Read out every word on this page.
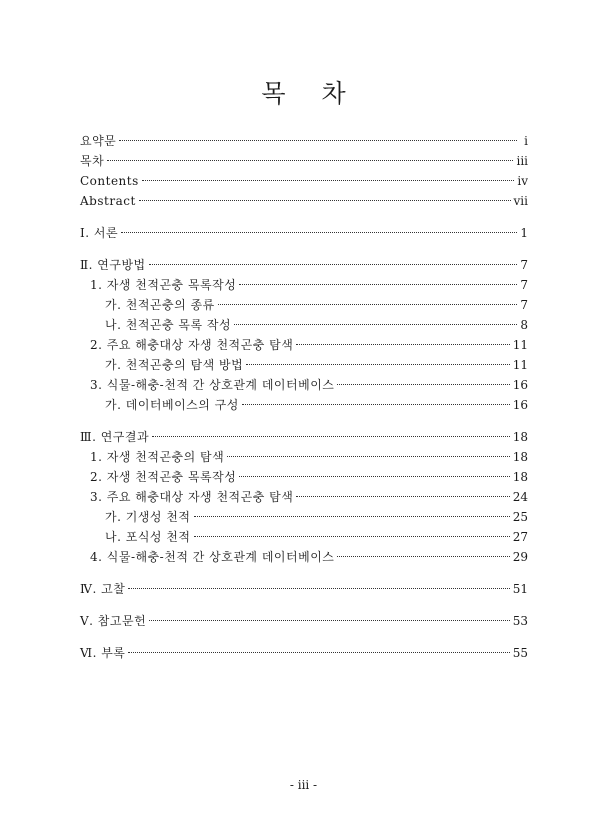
목 차
요약문	i
목차	iii
Contents	iv
Abstract	vii
Ⅰ. 서론	1
Ⅱ. 연구방법	7
1. 자생 천적곤충 목록작성	7
가. 천적곤충의 종류	7
나. 천적곤충 목록 작성	8
2. 주요 해충대상 자생 천적곤충 탐색	11
가. 천적곤충의 탐색 방법	11
3. 식물-해충-천적 간 상호관계 데이터베이스	16
가. 데이터베이스의 구성	16
Ⅲ. 연구결과	18
1. 자생 천적곤충의 탐색	18
2. 자생 천적곤충 목록작성	18
3. 주요 해충대상 자생 천적곤충 탐색	24
가. 기생성 천적	25
나. 포식성 천적	27
4. 식물-해충-천적 간 상호관계 데이터베이스	29
Ⅳ. 고찰	51
Ⅴ. 참고문헌	53
Ⅵ. 부록	55
- iii -
